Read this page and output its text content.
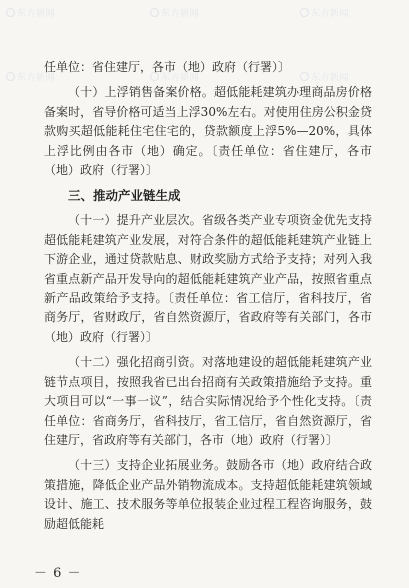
东方新闻	东方新闻	东方新闻
东方新闻	东方新闻	东方新闻

任单位：省住建厅，各市（地）政府（行署）〕

（十）上浮销售备案价格。超低能耗建筑办理商品房价格备案时，省导价格可适当上浮30%左右。对使用住房公积金贷款购买超低能耗住宅住宅的，贷款额度上浮5%—20%，具体上浮比例由各市（地）确定。〔责任单位：省住建厅，各市（地）政府（行署）〕

三、推动产业链生成

（十一）提升产业层次。省级各类产业专项资金优先支持超低能耗建筑产业发展，对符合条件的超低能耗建筑产业链上下游企业，通过贷款贴息、财政奖励方式给予支持；对列入我省重点新产品开发导向的超低能耗建筑产业产品，按照省重点新产品政策给予支持。〔责任单位：省工信厅，省科技厅，省商务厅，省财政厅，省自然资源厅，省政府等有关部门，各市（地）政府（行署）〕

（十二）强化招商引资。对落地建设的超低能耗建筑产业链节点项目，按照我省已出台招商有关政策措施给予支持。重大项目可以“一事一议”，结合实际情况给予个性化支持。〔责任单位：省商务厅，省科技厅，省工信厅，省自然资源厅，省住建厅，省政府等有关部门，各市（地）政府（行署）〕

（十三）支持企业拓展业务。鼓励各市（地）政府结合政策措施，降低企业产品外销物流成本。支持超低能耗建筑领域设计、施工、技术服务等单位报装企业过程工程咨询服务，鼓励超低能耗

－ 6 －
